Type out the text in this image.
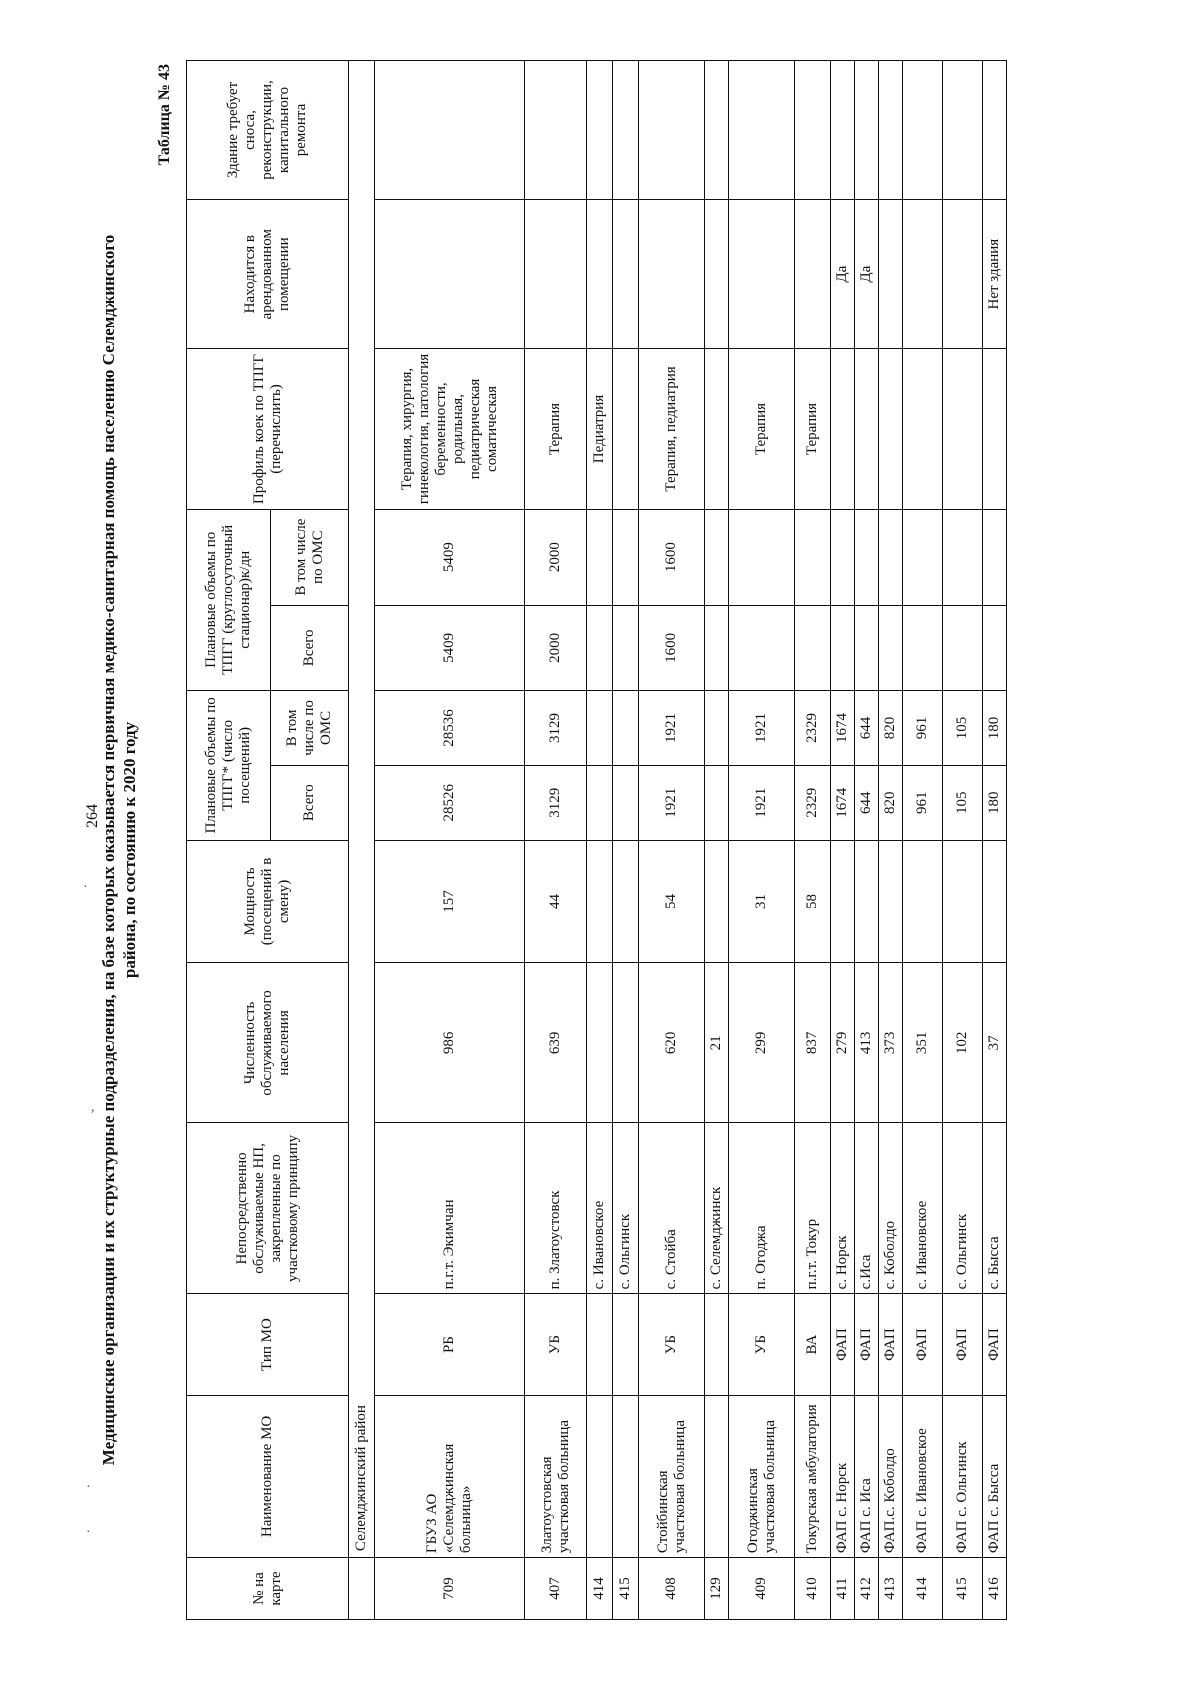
264
·
,
·
·
Медицинские организации и их структурные подразделения, на базе которых оказывается первичная медико-санитарная помощь населению Селемджинского района, по состоянию к 2020 году
Таблица № 43
№ на карте	Наименование МО	Тип МО	Непосредственно обслуживаемые НП, закрепленные по участковому принципу	Численность обслуживаемого населения	Мощность (посещений в смену)	Плановые объемы по ТПГГ* (число посещений)		Плановые объемы по ТПГГ (круглосуточный стационар)к/дн		Профиль коек по ТПГГ (перечислить)	Находится в арендованном помещении	Здание требует сноса, реконструкции, капитального ремонта
						Всего	В том числе по ОМС	Всего	В том числе по ОМС			
	Селемджинский район											
709	ГБУЗ АО «Селемджинская больница»	РБ	п.г.т. Экимчан	986	157	28526	28536	5409	5409	Терапия, хирургия, гинекология, патология беременности, родильная, педиатрическая соматическая		
407	Златоустовская участковая больница	УБ	п. Златоустовск	639	44	3129	3129	2000	2000	Терапия		
414			с. Ивановское							Педиатрия		
415			с. Ольгинск									
408	Стойбинская участковая больница	УБ	с. Стойба	620	54	1921	1921	1600	1600	Терапия, педиатрия		
129			с. Селемджинск	21								
409	Огоджинская участковая больница	УБ	п. Огоджа	299	31	1921	1921			Терапия		
410	Токурская амбулатория	ВА	п.г.т. Токур	837	58	2329	2329			Терапия		
411	ФАП с. Норск	ФАП	с. Норск	279		1674	1674				Да	
412	ФАП с. Иса	ФАП	с.Иса	413		644	644				Да	
413	ФАП.с. Коболдо	ФАП	с. Коболдо	373		820	820					
414	ФАП с. Ивановское	ФАП	с. Ивановское	351		961	961					
415	ФАП с. Ольгинск	ФАП	с. Ольгинск	102		105	105					
416	ФАП с. Бысса	ФАП	с. Бысса	37		180	180				Нет здания	
